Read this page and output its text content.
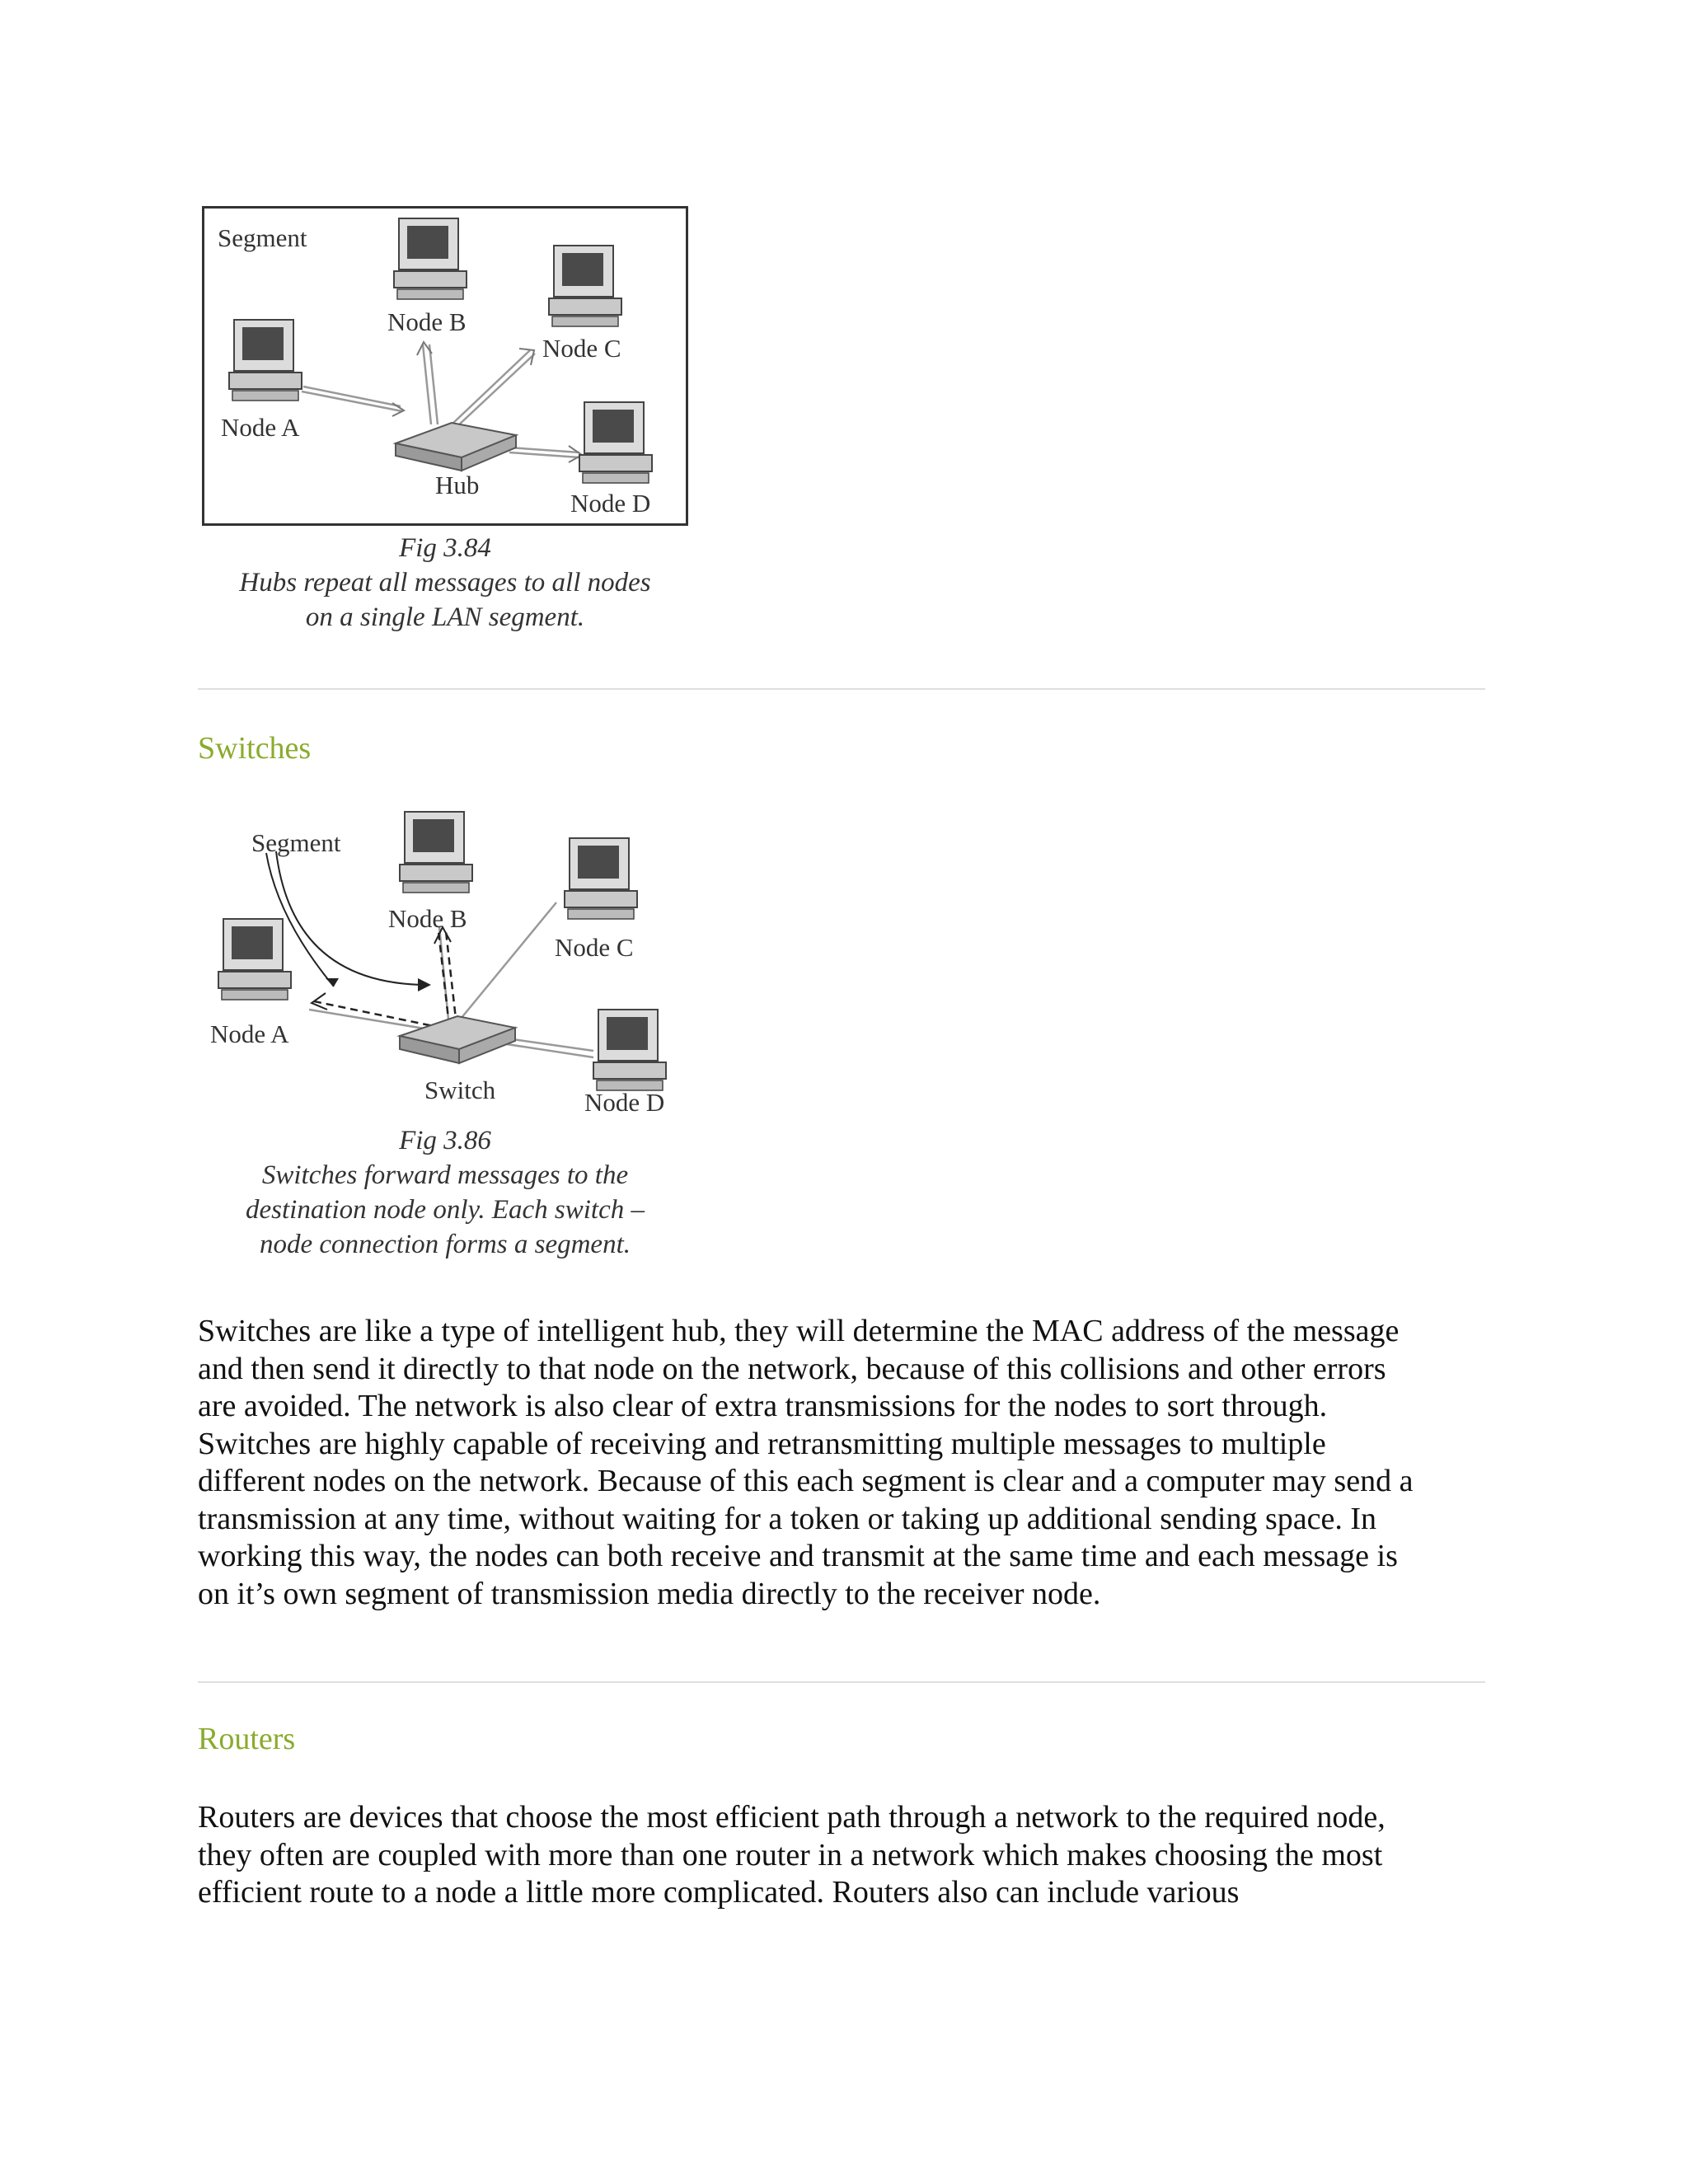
Segment
Node A
Node B
Node C
Hub
Node D
Fig 3.84
Hubs repeat all messages to all nodes
on a single LAN segment.
Switches
Segment
Node B
Node C
Node A
Switch	Node D
Fig 3.86
Switches forward messages to the
destination node only. Each switch –
node connection forms a segment.

Switches are like a type of intelligent hub, they will determine the MAC address of the message

and then send it directly to that node on the network, because of this collisions and other errors

are avoided. The network is also clear of extra transmissions for the nodes to sort through.

Switches are highly capable of receiving and retransmitting multiple messages to multiple

different nodes on the network. Because of this each segment is clear and a computer may send a

transmission at any time, without waiting for a token or taking up additional sending space. In

working this way, the nodes can both receive and transmit at the same time and each message is

on it’s own segment of transmission media directly to the receiver node.

Routers

Routers are devices that choose the most efficient path through a network to the required node,

they often are coupled with more than one router in a network which makes choosing the most

efficient route to a node a little more complicated. Routers also can include various
